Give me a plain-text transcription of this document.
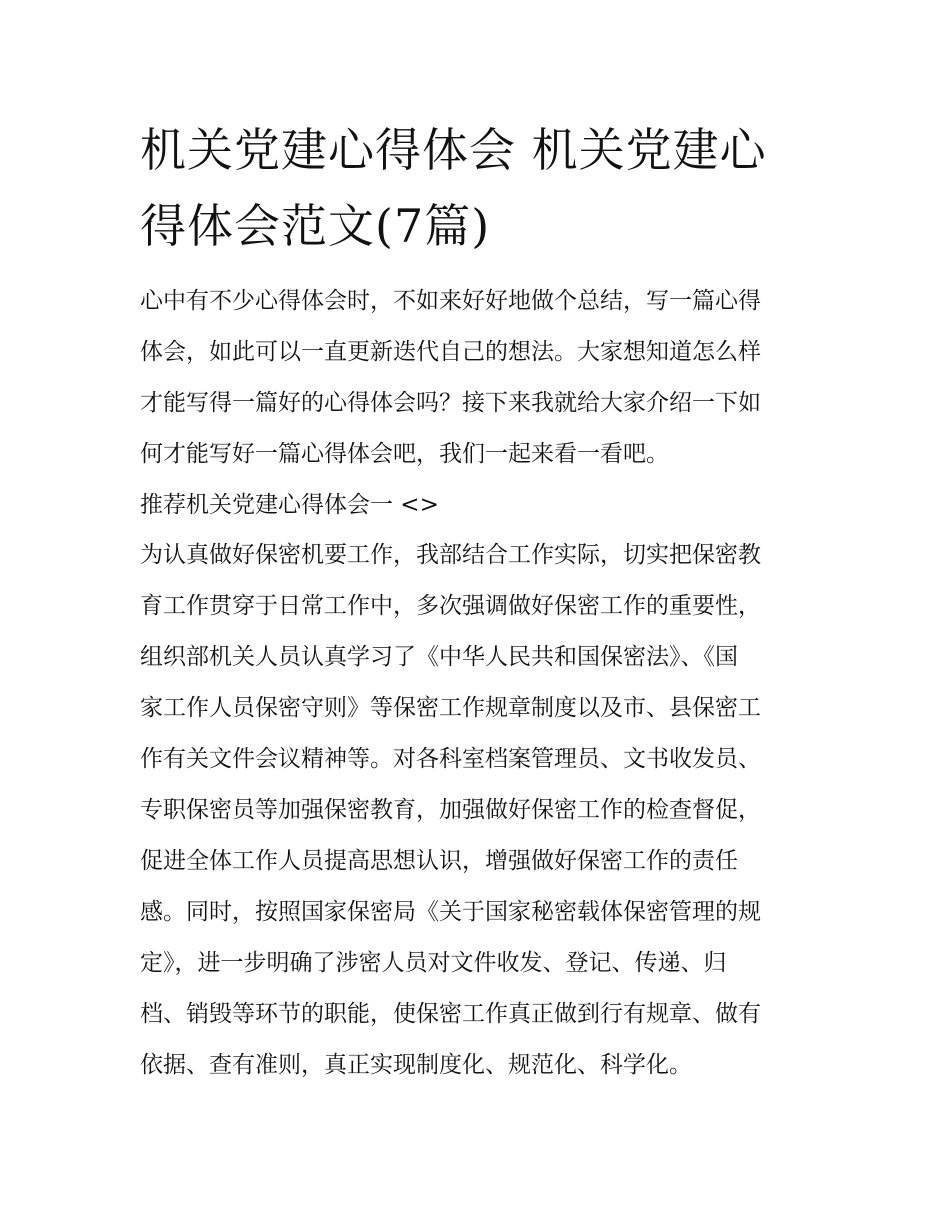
机关党建心得体会 机关党建心
得体会范文(7篇)
心中有不少心得体会时，不如来好好地做个总结，写一篇心得
体会，如此可以一直更新迭代自己的想法。大家想知道怎么样
才能写得一篇好的心得体会吗？接下来我就给大家介绍一下如
何才能写好一篇心得体会吧，我们一起来看一看吧。
推荐机关党建心得体会一 <>
为认真做好保密机要工作，我部结合工作实际，切实把保密教
育工作贯穿于日常工作中，多次强调做好保密工作的重要性，
组织部机关人员认真学习了《中华人民共和国保密法》、《国
家工作人员保密守则》等保密工作规章制度以及市、县保密工
作有关文件会议精神等。对各科室档案管理员、文书收发员、
专职保密员等加强保密教育，加强做好保密工作的检查督促，
促进全体工作人员提高思想认识，增强做好保密工作的责任
感。同时，按照国家保密局《关于国家秘密载体保密管理的规
定》，进一步明确了涉密人员对文件收发、登记、传递、归
档、销毁等环节的职能，使保密工作真正做到行有规章、做有
依据、查有准则，真正实现制度化、规范化、科学化。
